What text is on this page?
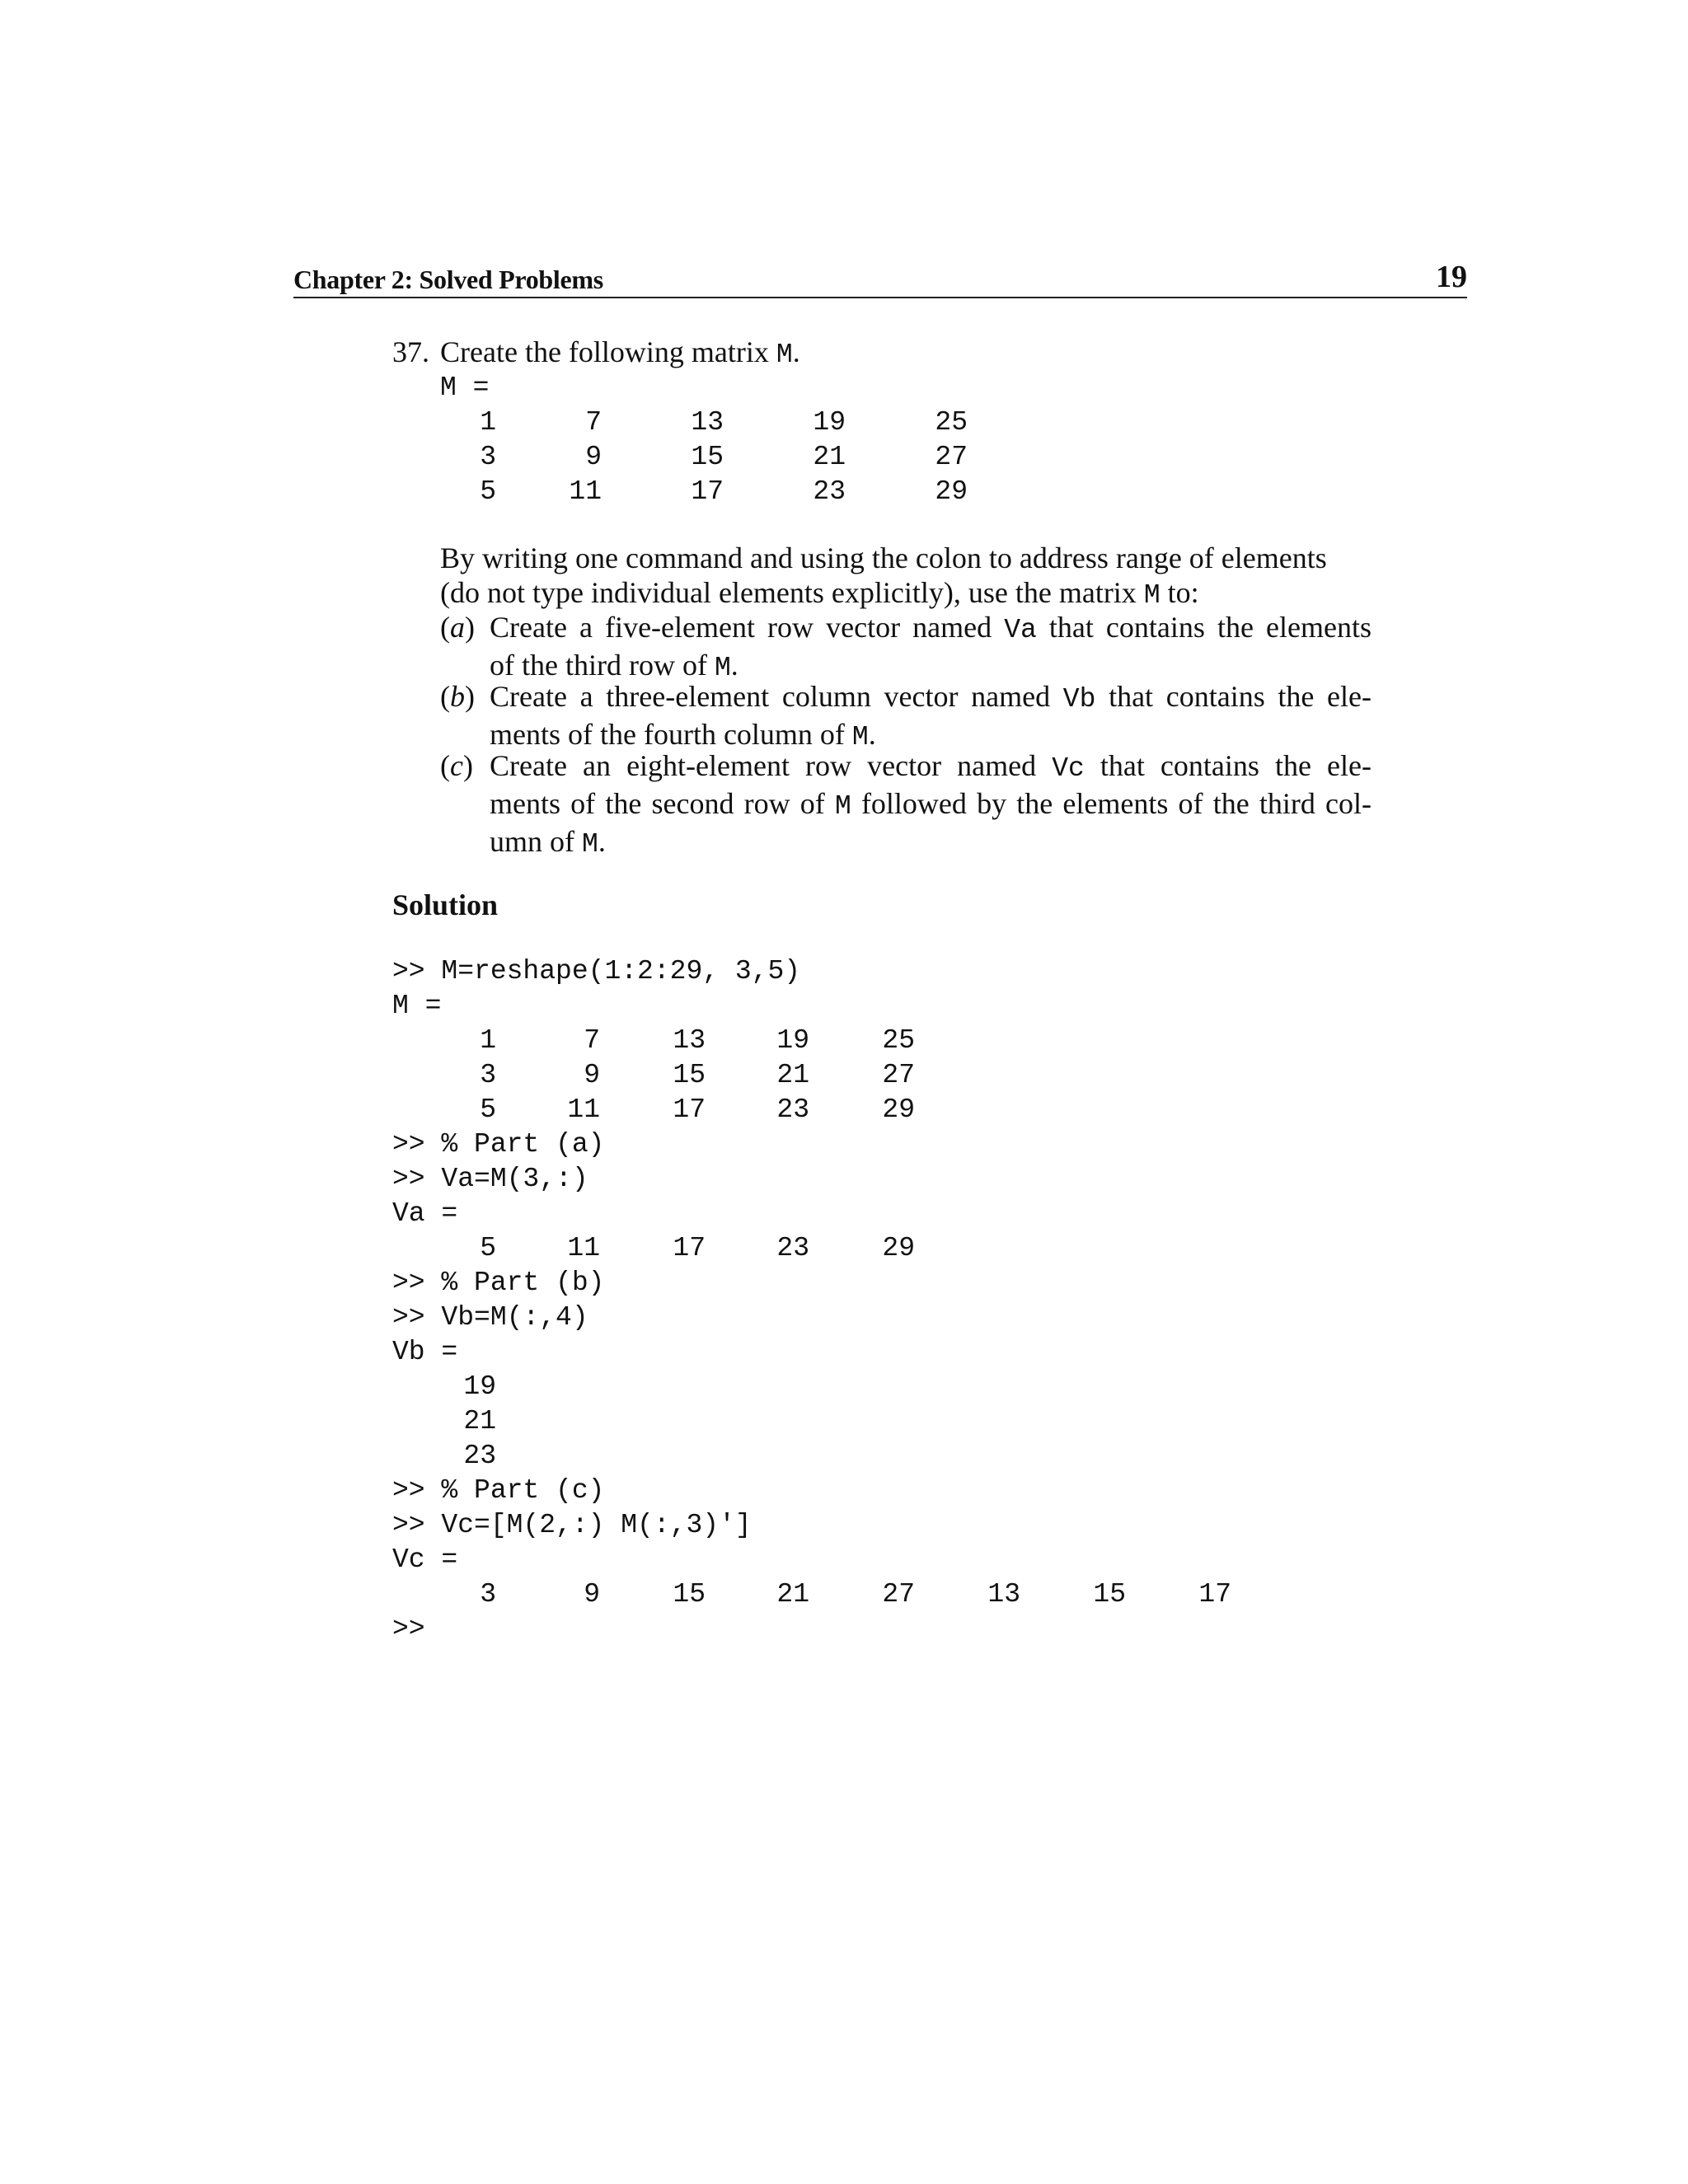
Chapter 2: Solved Problems	19
37. Create the following matrix M.
M =
1	7	13	19	25
3	9	15	21	27
5	11	17	23	29
By writing one command and using the colon to address range of elements
(do not type individual elements explicitly), use the matrix M to:
(a) Create a five-element row vector named Va that contains the elements
of the third row of M.
(b) Create a three-element column vector named Vb that contains the ele-
ments of the fourth column of M.
(c) Create an eight-element row vector named Vc that contains the ele-
ments of the second row of M followed by the elements of the third col-
umn of M.
Solution
>> M=reshape(1:2:29, 3,5)
M =
1	7	13	19	25
3	9	15	21	27
5	11	17	23	29
>> % Part (a)
>> Va=M(3,:)
Va =
5	11	17	23	29
>> % Part (b)
>> Vb=M(:,4)
Vb =
19
21
23
>> % Part (c)
>> Vc=[M(2,:) M(:,3)']
Vc =
3	9	15	21	27	13	15	17
>>
